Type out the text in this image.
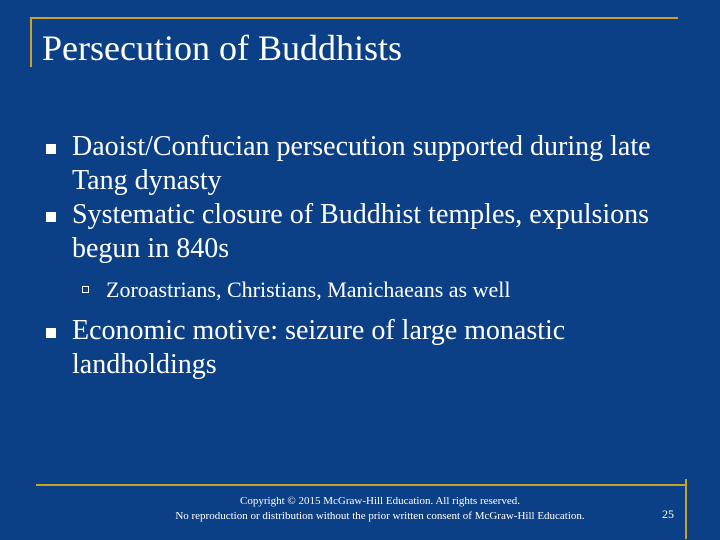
Persecution of Buddhists
Daoist/Confucian persecution supported during late Tang dynasty
Systematic closure of Buddhist temples, expulsions begun in 840s
Zoroastrians, Christians, Manichaeans as well
Economic motive: seizure of large monastic landholdings
Copyright © 2015 McGraw-Hill Education. All rights reserved.
No reproduction or distribution without the prior written consent of McGraw-Hill Education.	25
